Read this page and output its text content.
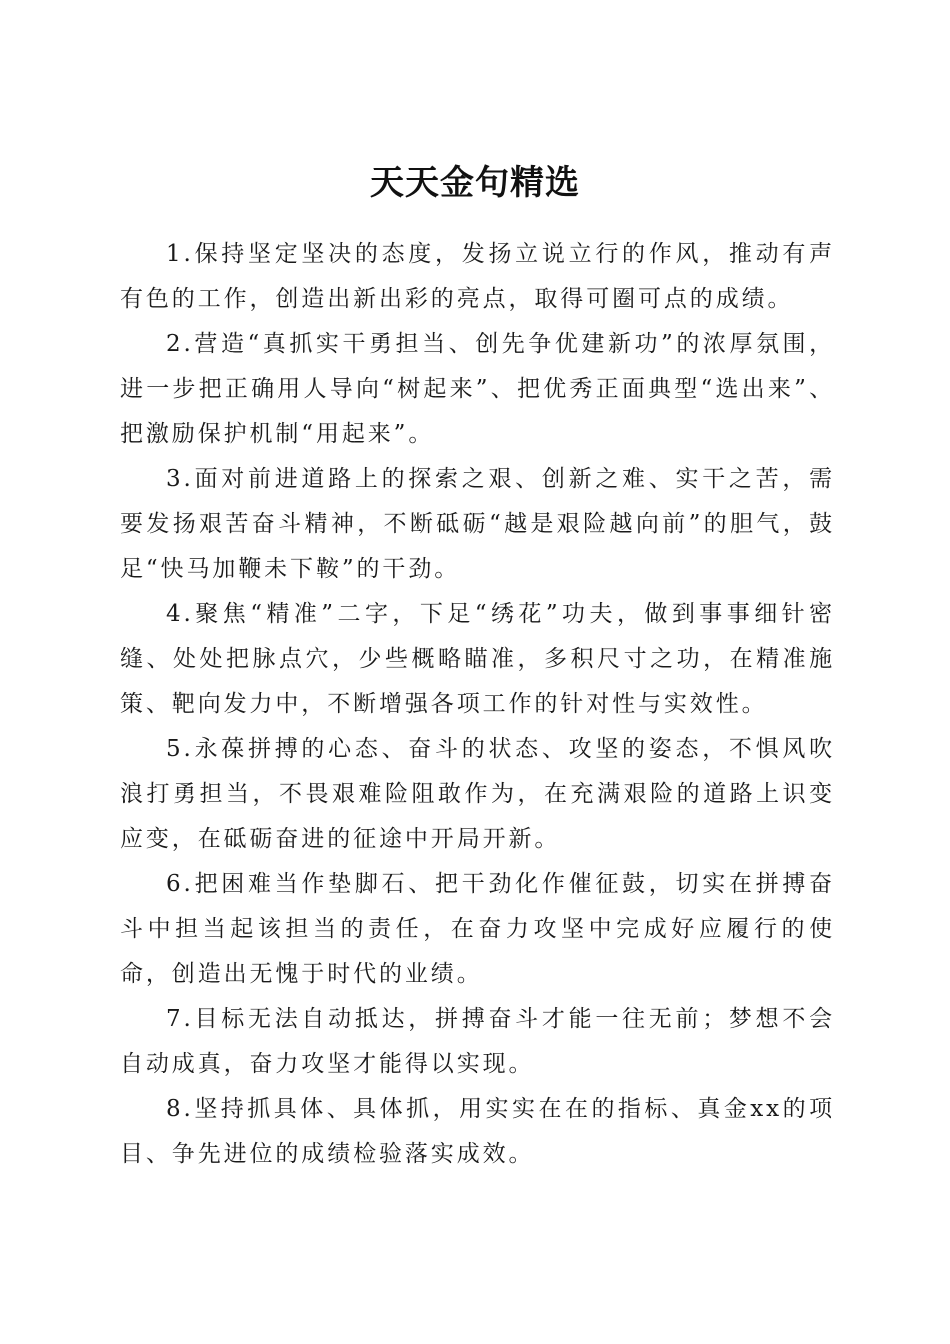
天天金句精选

1.保持坚定坚决的态度，发扬立说立行的作风，推动有声有色的工作，创造出新出彩的亮点，取得可圈可点的成绩。

2.营造“真抓实干勇担当、创先争优建新功”的浓厚氛围，进一步把正确用人导向“树起来”、把优秀正面典型“选出来”、把激励保护机制“用起来”。

3.面对前进道路上的探索之艰、创新之难、实干之苦，需要发扬艰苦奋斗精神，不断砥砺“越是艰险越向前”的胆气，鼓足“快马加鞭未下鞍”的干劲。

4.聚焦“精准”二字，下足“绣花”功夫，做到事事细针密缝、处处把脉点穴，少些概略瞄准，多积尺寸之功，在精准施策、靶向发力中，不断增强各项工作的针对性与实效性。

5.永葆拼搏的心态、奋斗的状态、攻坚的姿态，不惧风吹浪打勇担当，不畏艰难险阻敢作为，在充满艰险的道路上识变应变，在砥砺奋进的征途中开局开新。

6.把困难当作垫脚石、把干劲化作催征鼓，切实在拼搏奋斗中担当起该担当的责任，在奋力攻坚中完成好应履行的使命，创造出无愧于时代的业绩。

7.目标无法自动抵达，拼搏奋斗才能一往无前；梦想不会自动成真，奋力攻坚才能得以实现。

8.坚持抓具体、具体抓，用实实在在的指标、真金xx的项目、争先进位的成绩检验落实成效。
